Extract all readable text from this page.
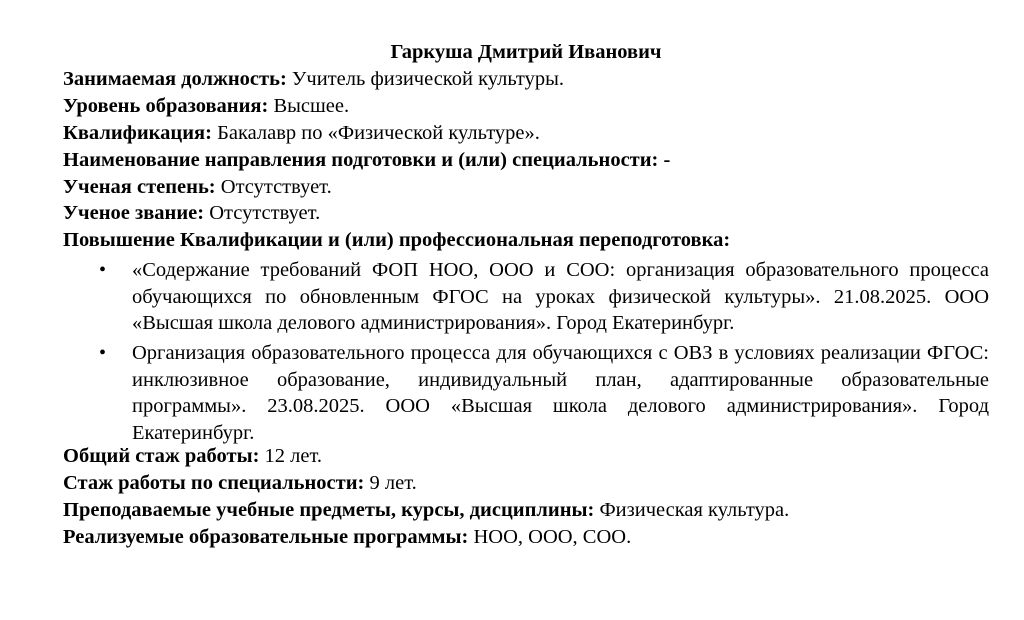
Гаркуша Дмитрий Иванович
Занимаемая должность: Учитель физической культуры.
Уровень образования: Высшее.
Квалификация: Бакалавр по «Физической культуре».
Наименование направления подготовки и (или) специальности: -
Ученая степень: Отсутствует.
Ученое звание: Отсутствует.
Повышение Квалификации и (или) профессиональная переподготовка:
• «Содержание требований ФОП НОО, ООО и СОО: организация образовательного процесса обучающихся по обновленным ФГОС на уроках физической культуры». 21.08.2025. ООО «Высшая школа делового администрирования». Город Екатеринбург.
• Организация образовательного процесса для обучающихся с ОВЗ в условиях реализации ФГОС: инклюзивное образование, индивидуальный план, адаптированные образовательные программы». 23.08.2025. ООО «Высшая школа делового администрирования». Город Екатеринбург.
Общий стаж работы: 12 лет.
Стаж работы по специальности: 9 лет.
Преподаваемые учебные предметы, курсы, дисциплины: Физическая культура.
Реализуемые образовательные программы: НОО, ООО, СОО.
